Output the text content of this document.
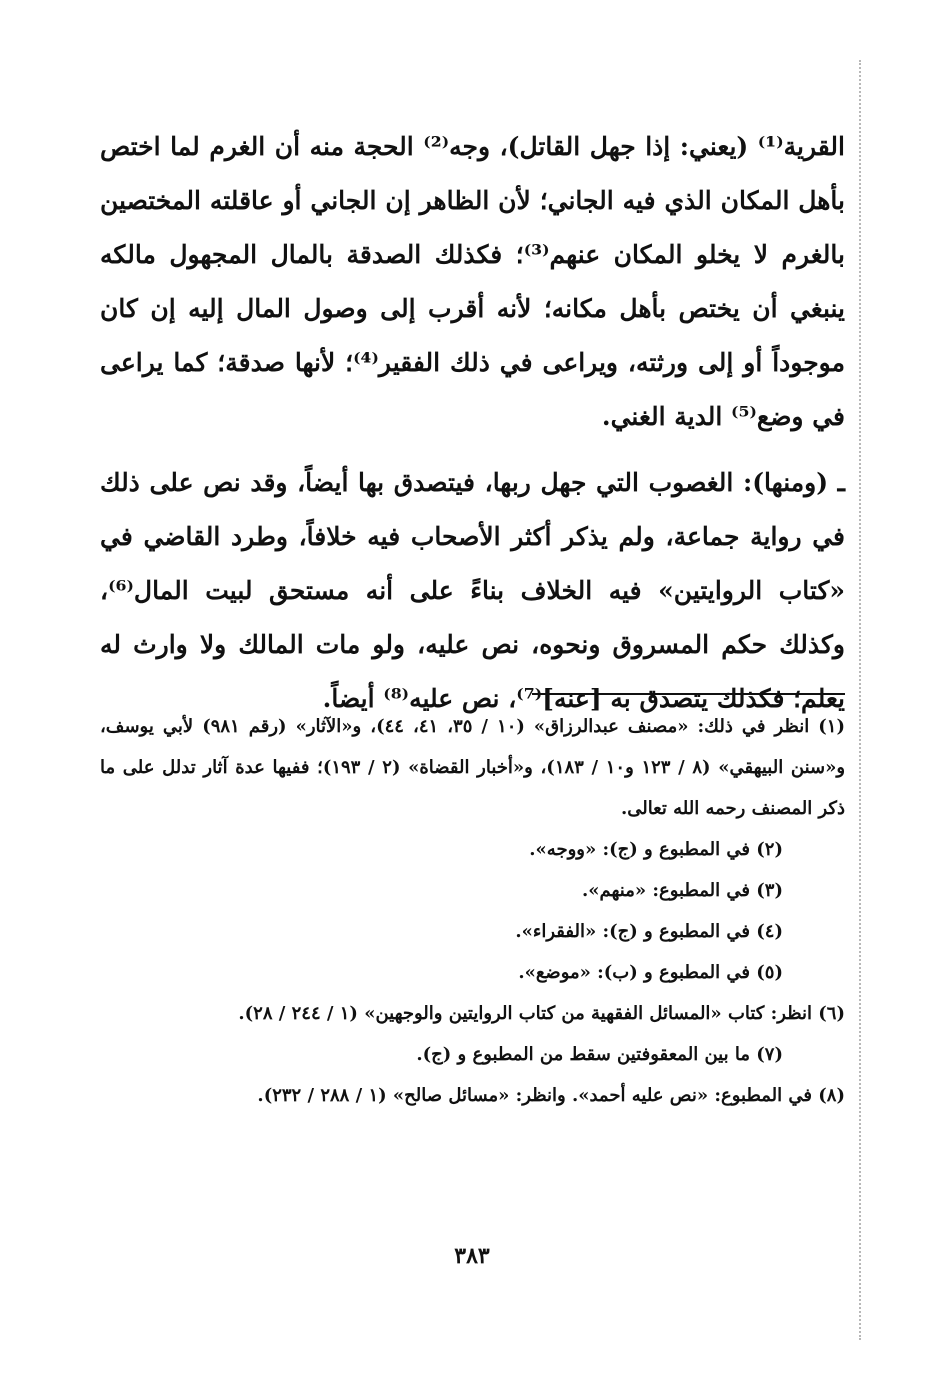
القرية⁽¹⁾ (يعني: إذا جهل القاتل)، وجه⁽²⁾ الحجة منه أن الغرم لما اختص بأهل المكان الذي فيه الجاني؛ لأن الظاهر إن الجاني أو عاقلته المختصين بالغرم لا يخلو المكان عنهم⁽³⁾؛ فكذلك الصدقة بالمال المجهول مالكه ينبغي أن يختص بأهل مكانه؛ لأنه أقرب إلى وصول المال إليه إن كان موجوداً أو إلى ورثته، ويراعى في ذلك الفقير⁽⁴⁾؛ لأنها صدقة؛ كما يراعى في وضع⁽⁵⁾ الدية الغني.

ـ (ومنها): الغصوب التي جهل ربها، فيتصدق بها أيضاً، وقد نص على ذلك في رواية جماعة، ولم يذكر أكثر الأصحاب فيه خلافاً، وطرد القاضي في «كتاب الروايتين» فيه الخلاف بناءً على أنه مستحق لبيت المال⁽⁶⁾، وكذلك حكم المسروق ونحوه، نص عليه، ولو مات المالك ولا وارث له يعلم؛ فكذلك يتصدق به [عنه]⁽⁷⁾، نص عليه⁽⁸⁾ أيضاً.

(١) انظر في ذلك: «مصنف عبدالرزاق» (١٠ / ٣٥، ٤١، ٤٤)، و«الآثار» (رقم ٩٨١) لأبي يوسف، و«سنن البيهقي» (٨ / ١٢٣ و١٠ / ١٨٣)، و«أخبار القضاة» (٢ / ١٩٣)؛ ففيها عدة آثار تدلل على ما ذكر المصنف رحمه الله تعالى.

(٢) في المطبوع و (ج): «ووجه».

(٣) في المطبوع: «منهم».

(٤) في المطبوع و (ج): «الفقراء».

(٥) في المطبوع و (ب): «موضع».

(٦) انظر: كتاب «المسائل الفقهية من كتاب الروايتين والوجهين» (١ / ٢٤٤ / ٢٨).

(٧) ما بين المعقوفتين سقط من المطبوع و (ج).

(٨) في المطبوع: «نص عليه أحمد». وانظر: «مسائل صالح» (١ / ٢٨٨ / ٢٣٢).

٣٨٣
